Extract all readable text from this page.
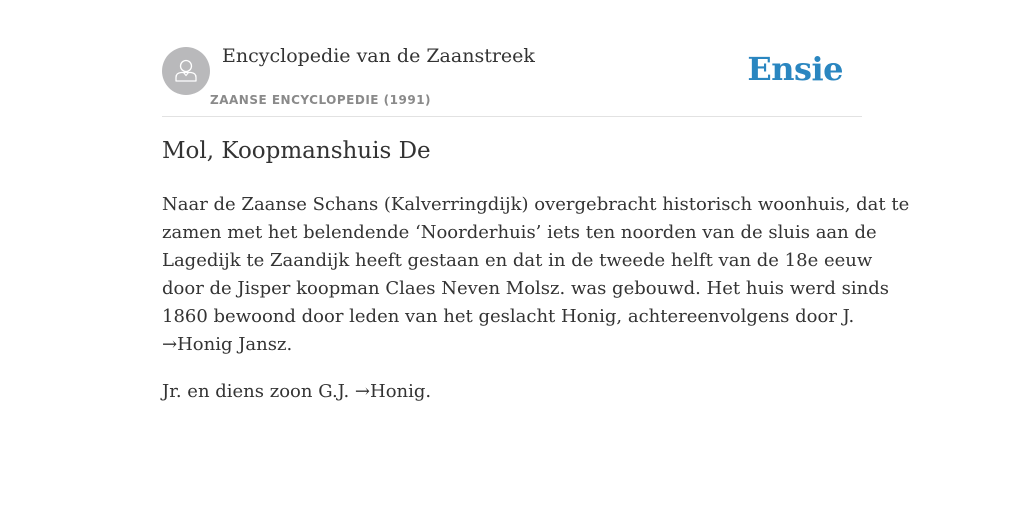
Encyclopedie van de Zaanstreek
ZAANSE ENCYCLOPEDIE (1991)
Ensie
Mol, Koopmanshuis De

Naar de Zaanse Schans (Kalverringdijk) overgebracht historisch woonhuis, dat te
zamen met het belendende ‘Noorderhuis’ iets ten noorden van de sluis aan de
Lagedijk te Zaandijk heeft gestaan en dat in de tweede helft van de 18e eeuw
door de Jisper koopman Claes Neven Molsz. was gebouwd. Het huis werd sinds
1860 bewoond door leden van het geslacht Honig, achtereenvolgens door J.
→Honig Jansz.

Jr. en diens zoon G.J. →Honig.
